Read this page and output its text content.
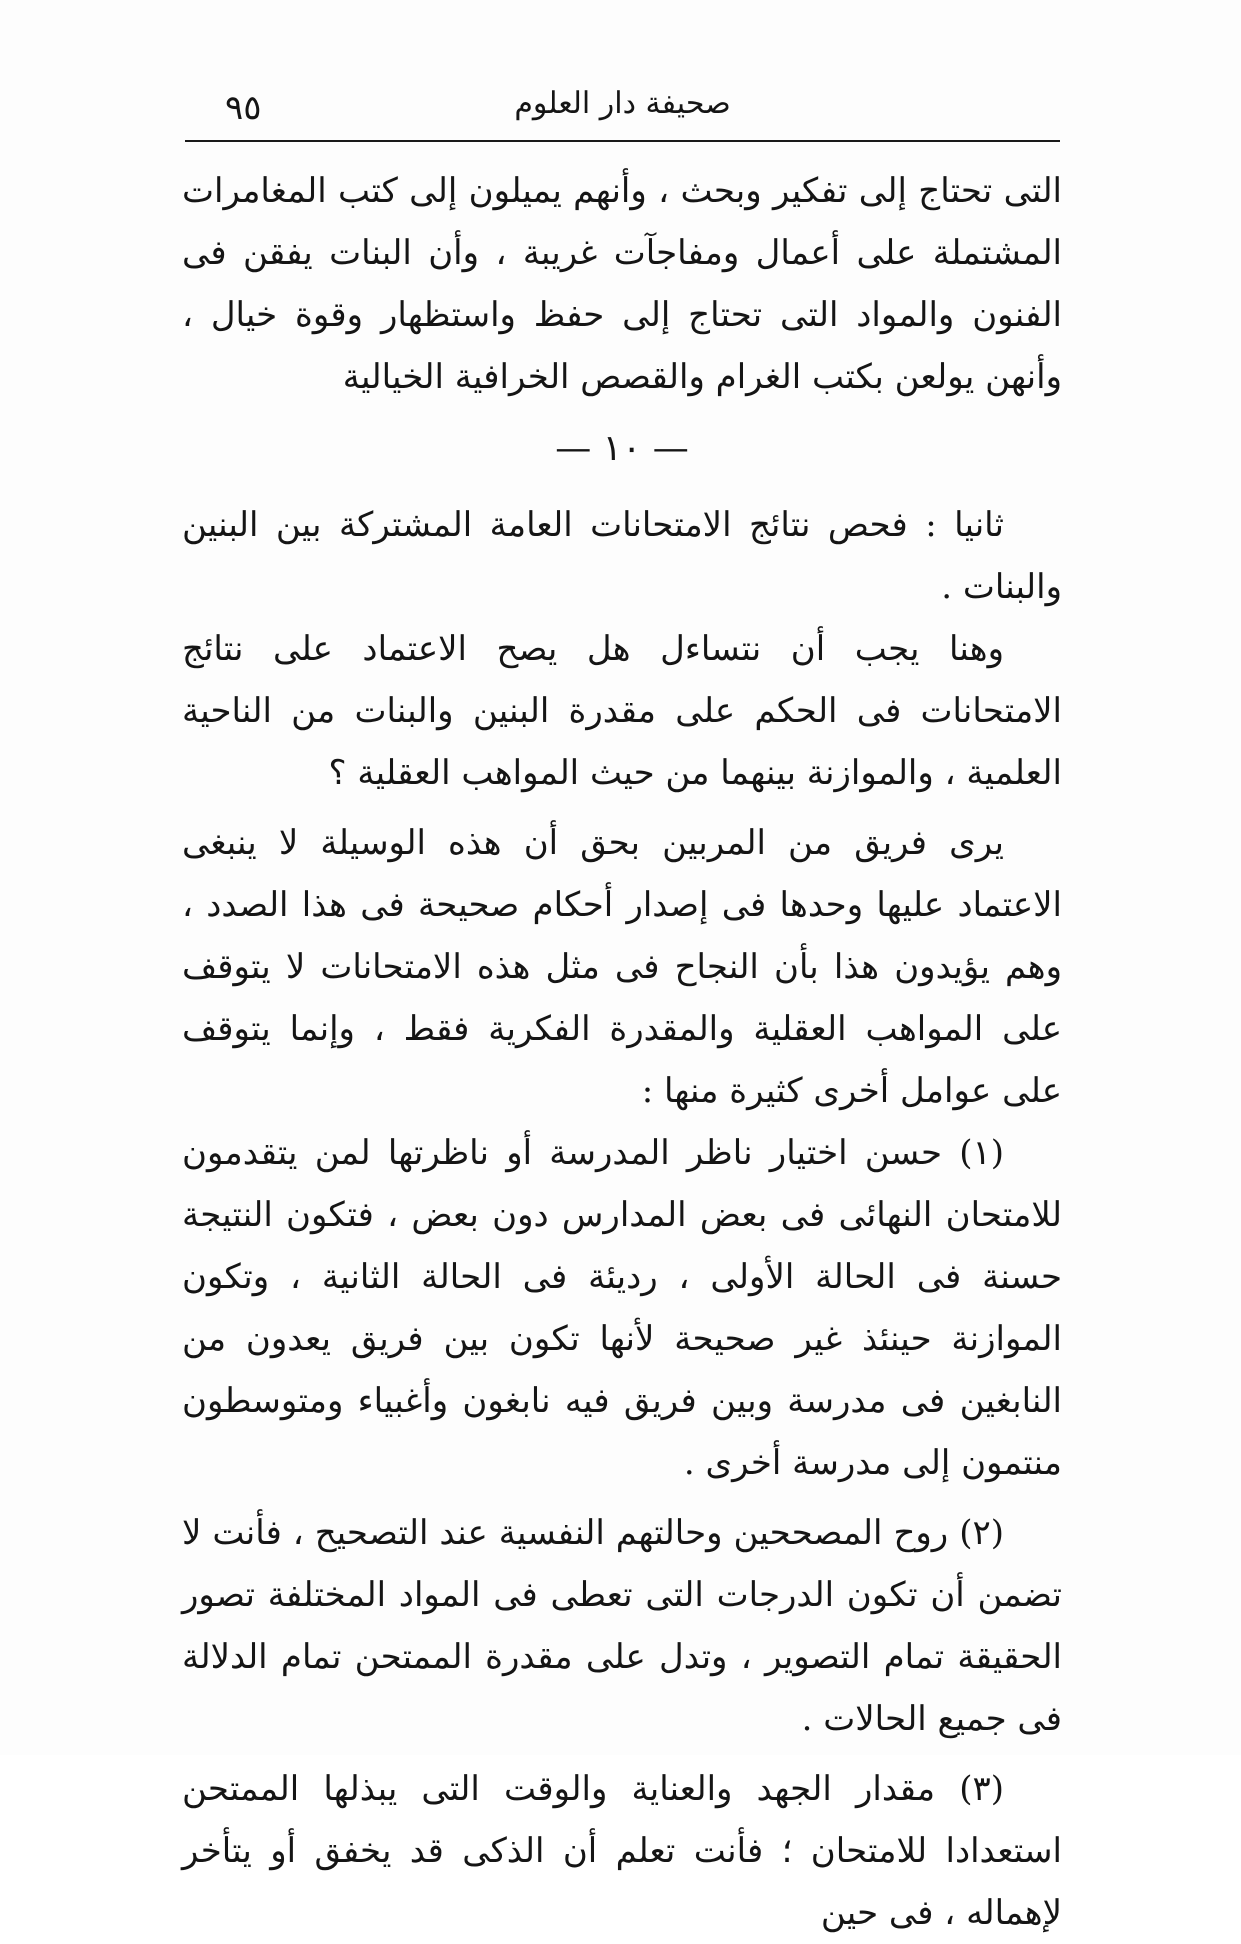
٩٥	صحيفة دار العلوم

التى تحتاج إلى تفكير وبحث ، وأنهم يميلون إلى كتب المغامرات المشتملة على أعمال ومفاجآت غريبة ، وأن البنات يفقن فى الفنون والمواد التى تحتاج إلى حفظ واستظهار وقوة خيال ، وأنهن يولعن بكتب الغرام والقصص الخرافية الخيالية

— ١٠ —

ثانيا : فحص نتائج الامتحانات العامة المشتركة بين البنين والبنات .

وهنا يجب أن نتساءل هل يصح الاعتماد على نتائج الامتحانات فى الحكم على مقدرة البنين والبنات من الناحية العلمية ، والموازنة بينهما من حيث المواهب العقلية ؟

يرى فريق من المربين بحق أن هذه الوسيلة لا ينبغى الاعتماد عليها وحدها فى إصدار أحكام صحيحة فى هذا الصدد ، وهم يؤيدون هذا بأن النجاح فى مثل هذه الامتحانات لا يتوقف على المواهب العقلية والمقدرة الفكرية فقط ، وإنما يتوقف على عوامل أخرى كثيرة منها :

(١) حسن اختيار ناظر المدرسة أو ناظرتها لمن يتقدمون للامتحان النهائى فى بعض المدارس دون بعض ، فتكون النتيجة حسنة فى الحالة الأولى ، رديئة فى الحالة الثانية ، وتكون الموازنة حينئذ غير صحيحة لأنها تكون بين فريق يعدون من النابغين فى مدرسة وبين فريق فيه نابغون وأغبياء ومتوسطون منتمون إلى مدرسة أخرى .

(٢) روح المصححين وحالتهم النفسية عند التصحيح ، فأنت لا تضمن أن تكون الدرجات التى تعطى فى المواد المختلفة تصور الحقيقة تمام التصوير ، وتدل على مقدرة الممتحن تمام الدلالة فى جميع الحالات .

(٣) مقدار الجهد والعناية والوقت التى يبذلها الممتحن استعدادا للامتحان ؛ فأنت تعلم أن الذكى قد يخفق أو يتأخر لإهماله ، فى حين
